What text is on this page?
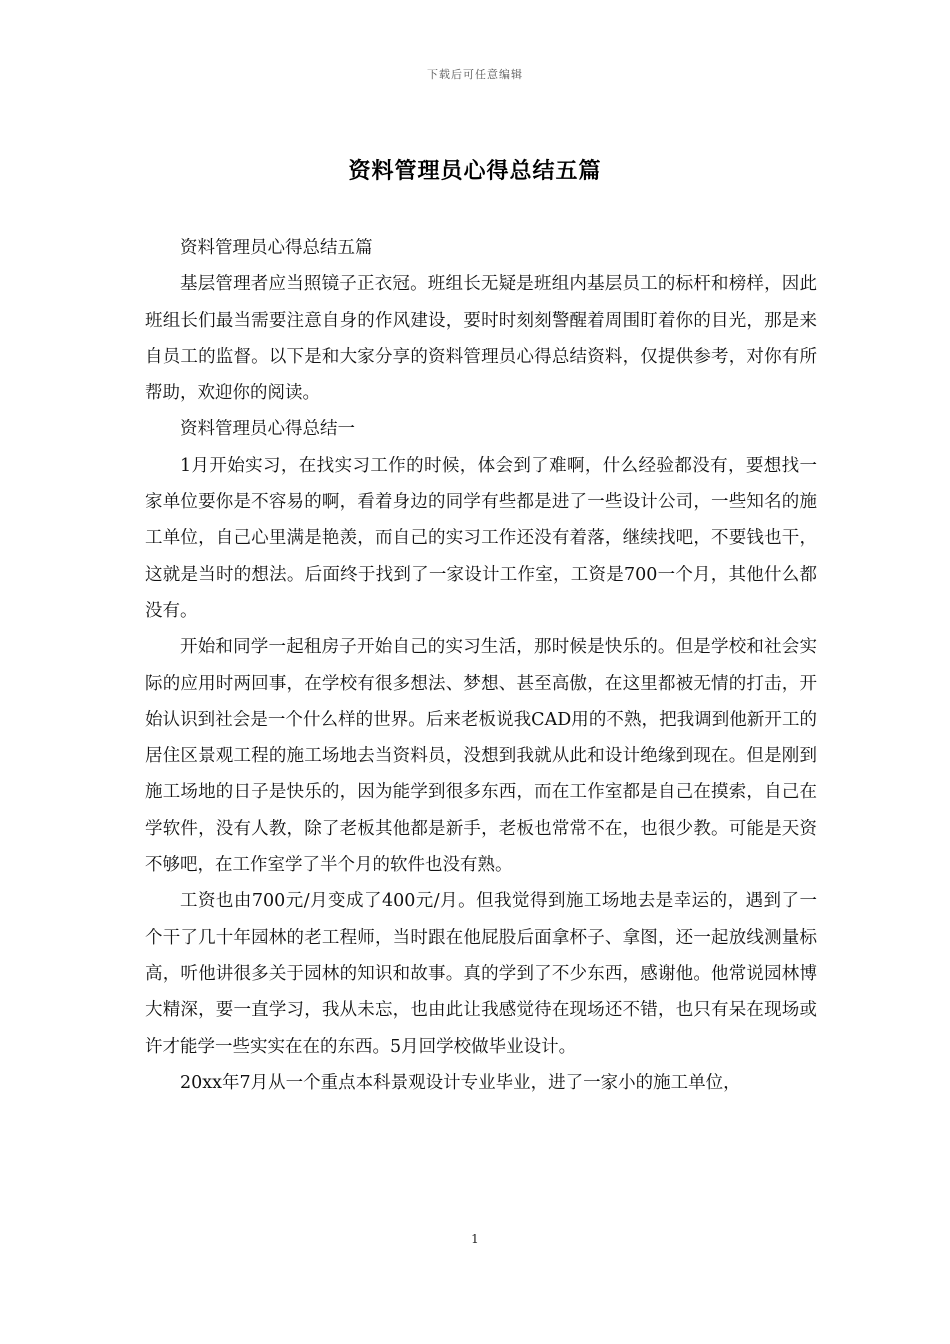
下载后可任意编辑
资料管理员心得总结五篇

资料管理员心得总结五篇

基层管理者应当照镜子正衣冠。班组长无疑是班组内基层员工的标杆和榜样，因此班组长们最当需要注意自身的作风建设，要时时刻刻警醒着周围盯着你的目光，那是来自员工的监督。以下是和大家分享的资料管理员心得总结资料，仅提供参考，对你有所帮助，欢迎你的阅读。

资料管理员心得总结一

1月开始实习，在找实习工作的时候，体会到了难啊，什么经验都没有，要想找一家单位要你是不容易的啊，看着身边的同学有些都是进了一些设计公司，一些知名的施工单位，自己心里满是艳羡，而自己的实习工作还没有着落，继续找吧，不要钱也干，这就是当时的想法。后面终于找到了一家设计工作室，工资是700一个月，其他什么都没有。

开始和同学一起租房子开始自己的实习生活，那时候是快乐的。但是学校和社会实际的应用时两回事，在学校有很多想法、梦想、甚至高傲，在这里都被无情的打击，开始认识到社会是一个什么样的世界。后来老板说我CAD用的不熟，把我调到他新开工的居住区景观工程的施工场地去当资料员，没想到我就从此和设计绝缘到现在。但是刚到施工场地的日子是快乐的，因为能学到很多东西，而在工作室都是自己在摸索，自己在学软件，没有人教，除了老板其他都是新手，老板也常常不在，也很少教。可能是天资不够吧，在工作室学了半个月的软件也没有熟。

工资也由700元/月变成了400元/月。但我觉得到施工场地去是幸运的，遇到了一个干了几十年园林的老工程师，当时跟在他屁股后面拿杯子、拿图，还一起放线测量标高，听他讲很多关于园林的知识和故事。真的学到了不少东西，感谢他。他常说园林博大精深，要一直学习，我从未忘，也由此让我感觉待在现场还不错，也只有呆在现场或许才能学一些实实在在的东西。5月回学校做毕业设计。

20xx年7月从一个重点本科景观设计专业毕业，进了一家小的施工单位，

1
